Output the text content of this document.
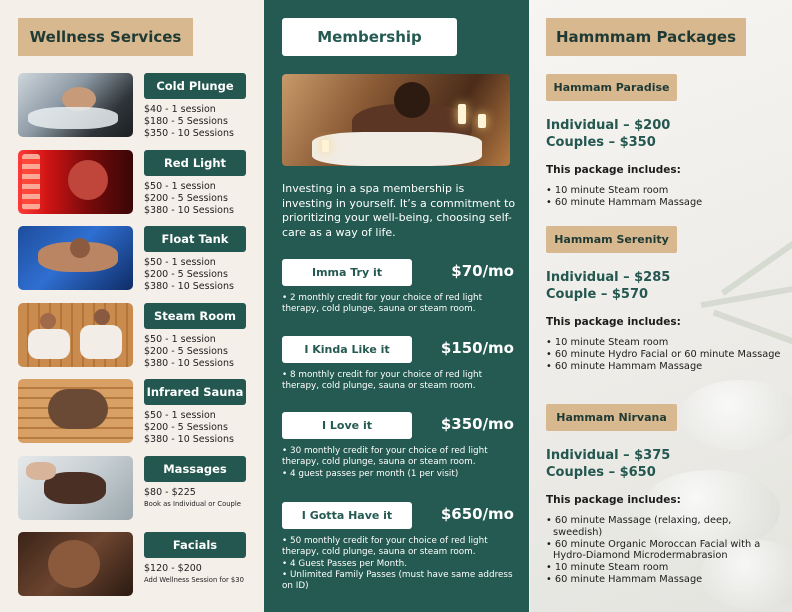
Wellness Services
Cold Plunge
$40 - 1 session
$180 - 5 Sessions
$350 - 10 Sessions
Red Light
$50 - 1 session
$200 - 5 Sessions
$380 - 10 Sessions
Float Tank
$50 - 1 session
$200 - 5 Sessions
$380 - 10 Sessions
Steam Room
$50 - 1 session
$200 - 5 Sessions
$380 - 10 Sessions
Infrared Sauna
$50 - 1 session
$200 - 5 Sessions
$380 - 10 Sessions
Massages
$80 - $225
Book as Individual or Couple
Facials
$120 - $200
Add Wellness Session for $30
Membership
Investing in a spa membership is investing in yourself. It’s a commitment to prioritizing your well-being, choosing self-care as a way of life.
Imma Try it	$70/mo
• 2 monthly credit for your choice of red light therapy, cold plunge, sauna or steam room.
I Kinda Like it	$150/mo
• 8 monthly credit for your choice of red light therapy, cold plunge, sauna or steam room.
I Love it	$350/mo
• 30 monthly credit for your choice of red light therapy, cold plunge, sauna or steam room.
• 4 guest passes per month (1 per visit)
I Gotta Have it	$650/mo
• 50 monthly credit for your choice of red light therapy, cold plunge, sauna or steam room.
• 4 Guest Passes per Month.
• Unlimited Family Passes (must have same address on ID)
Hammmam Packages
Hammam Paradise
Individual – $200
Couples – $350
This package includes:
• 10 minute Steam room
• 60 minute Hammam Massage
Hammam Serenity
Individual – $285
Couple – $570
This package includes:
• 10 minute Steam room
• 60 minute Hydro Facial or 60 minute Massage
• 60 minute Hammam Massage
Hammam Nirvana
Individual – $375
Couples – $650
This package includes:
• 60 minute Massage (relaxing, deep, sweedish)
• 60 minute Organic Moroccan Facial with a Hydro-Diamond Microdermabrasion
• 10 minute Steam room
• 60 minute Hammam Massage
